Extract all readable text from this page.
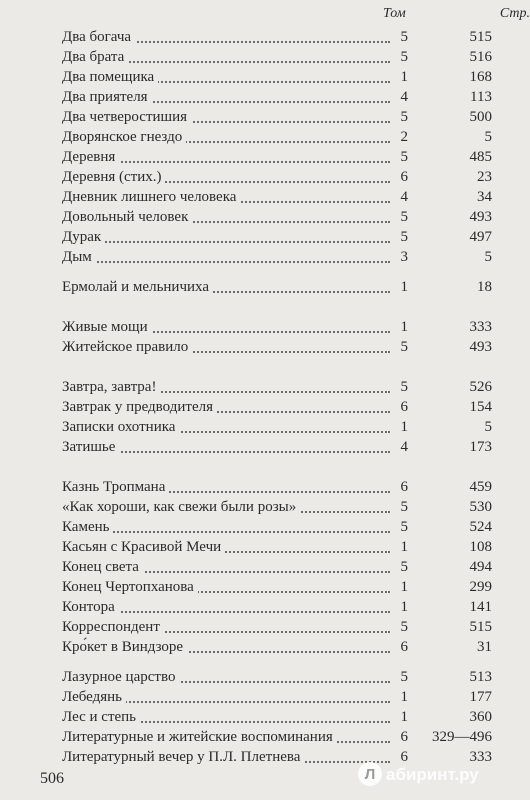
Том	Стр.
Два богача	5	515
Два брата	5	516
Два помещика	1	168
Два приятеля	4	113
Два четверостишия	5	500
Дворянское гнездо	2	5
Деревня	5	485
Деревня (стих.)	6	23
Дневник лишнего человека	4	34
Довольный человек	5	493
Дурак	5	497
Дым	3	5
Ермолай и мельничиха	1	18
Живые мощи	1	333
Житейское правило	5	493
Завтра, завтра!	5	526
Завтрак у предводителя	6	154
Записки охотника	1	5
Затишье	4	173
Казнь Тропмана	6	459
«Как хороши, как свежи были розы»	5	530
Камень	5	524
Касьян с Красивой Мечи	1	108
Конец света	5	494
Конец Чертопханова	1	299
Контора	1	141
Корреспондент	5	515
Кро́кет в Виндзоре	6	31
Лазурное царство	5	513
Лебедянь	1	177
Лес и степь	1	360
Литературные и житейские воспоминания	6 329—496
Литературный вечер у П.Л. Плетнева	6	333
506	Л абиринт.ру
